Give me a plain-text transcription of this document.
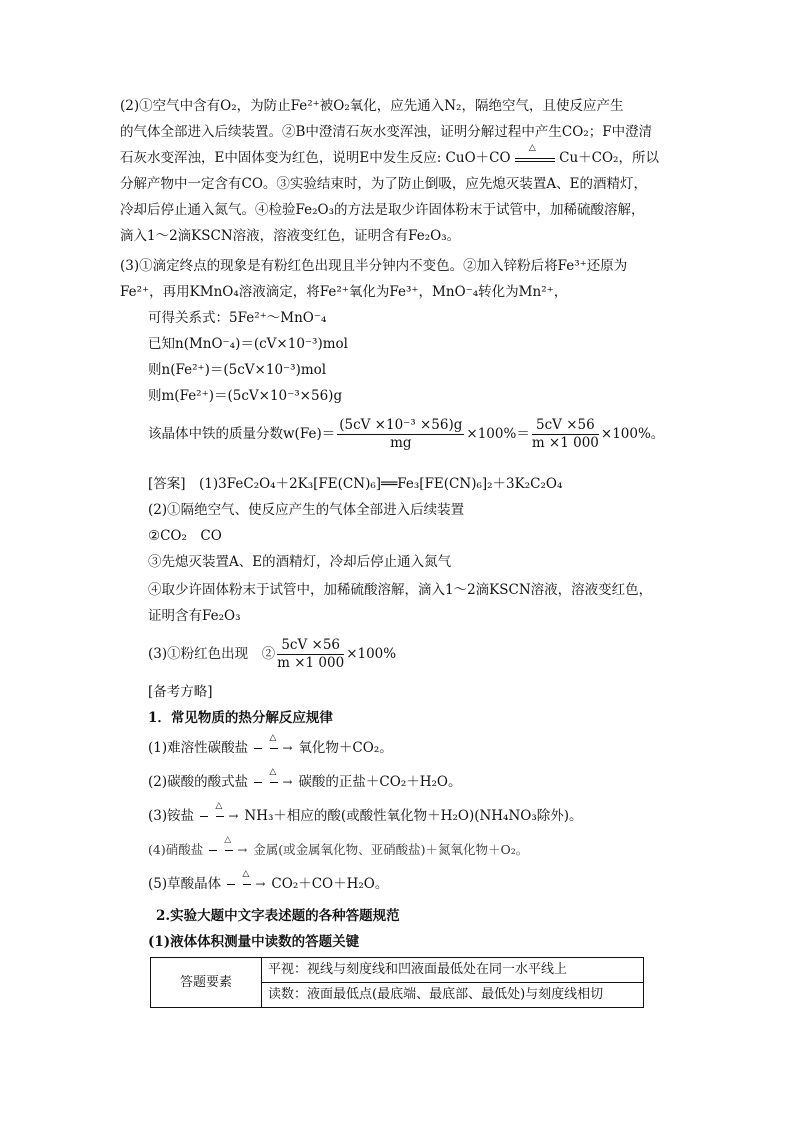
(2)①空气中含有O₂，为防止Fe²⁺被O₂氧化，应先通入N₂，隔绝空气，且使反应产生
的气体全部进入后续装置。②B中澄清石灰水变浑浊，证明分解过程中产生CO₂；F中澄清
石灰水变浑浊，E中固体变为红色，说明E中发生反应: CuO＋CO
△
Cu＋CO₂，所以
分解产物中一定含有CO。③实验结束时，为了防止倒吸，应先熄灭装置A、E的酒精灯，
冷却后停止通入氮气。④检验Fe₂O₃的方法是取少许固体粉末于试管中，加稀硫酸溶解，
滴入1～2滴KSCN溶液，溶液变红色，证明含有Fe₂O₃。
(3)①滴定终点的现象是有粉红色出现且半分钟内不变色。②加入锌粉后将Fe³⁺还原为
Fe²⁺，再用KMnO₄溶液滴定，将Fe²⁺氧化为Fe³⁺，MnO⁻₄转化为Mn²⁺，
可得关系式：5Fe²⁺～MnO⁻₄
已知n(MnO⁻₄)＝(cV×10⁻³)mol
则n(Fe²⁺)＝(5cV×10⁻³)mol
则m(Fe²⁺)＝(5cV×10⁻³×56)g
该晶体中铁的质量分数$w(Fe)= \frac{\text{(5cV ×10⁻³ ×56)g}}{mg} \times 100\%= \frac{5cV \times 56}{m \times 1 000} \times 100\%$。
[答案]　(1)3FeC₂O₄＋2K₃[FE(CN)₆]══Fe₃[FE(CN)₆]₂＋3K₂C₂O₄
(2)①隔绝空气、使反应产生的气体全部进入后续装置
②CO₂　CO
③先熄灭装置A、E的酒精灯，冷却后停止通入氮气
④取少许固体粉末于试管中，加稀硫酸溶解，滴入1～2滴KSCN溶液，溶液变红色，
证明含有Fe₂O₃
(3)①粉红色出现　② $\frac{5cV \times 56}{m \times 1 000} \times 100\%$
[备考方略]
1．常见物质的热分解反应规律
(1)难溶性碳酸盐
△
→ 氧化物＋CO₂。
(2)碳酸的酸式盐
△
→ 碳酸的正盐＋CO₂＋H₂O。
(3)铵盐
△
→ NH₃＋相应的酸(或酸性氧化物＋H₂O)(NH₄NO₃除外)。
(4)硝酸盐
△
→ 金属(或金属氧化物、亚硝酸盐)＋氮氧化物＋O₂。
(5)草酸晶体
△
→ CO₂＋CO＋H₂O。
2.实验大题中文字表述题的各种答题规范
(1)液体体积测量中读数的答题关键
答题要素	平视：视线与刻度线和凹液面最低处在同一水平线上
读数：液面最低点(最底端、最底部、最低处)与刻度线相切
